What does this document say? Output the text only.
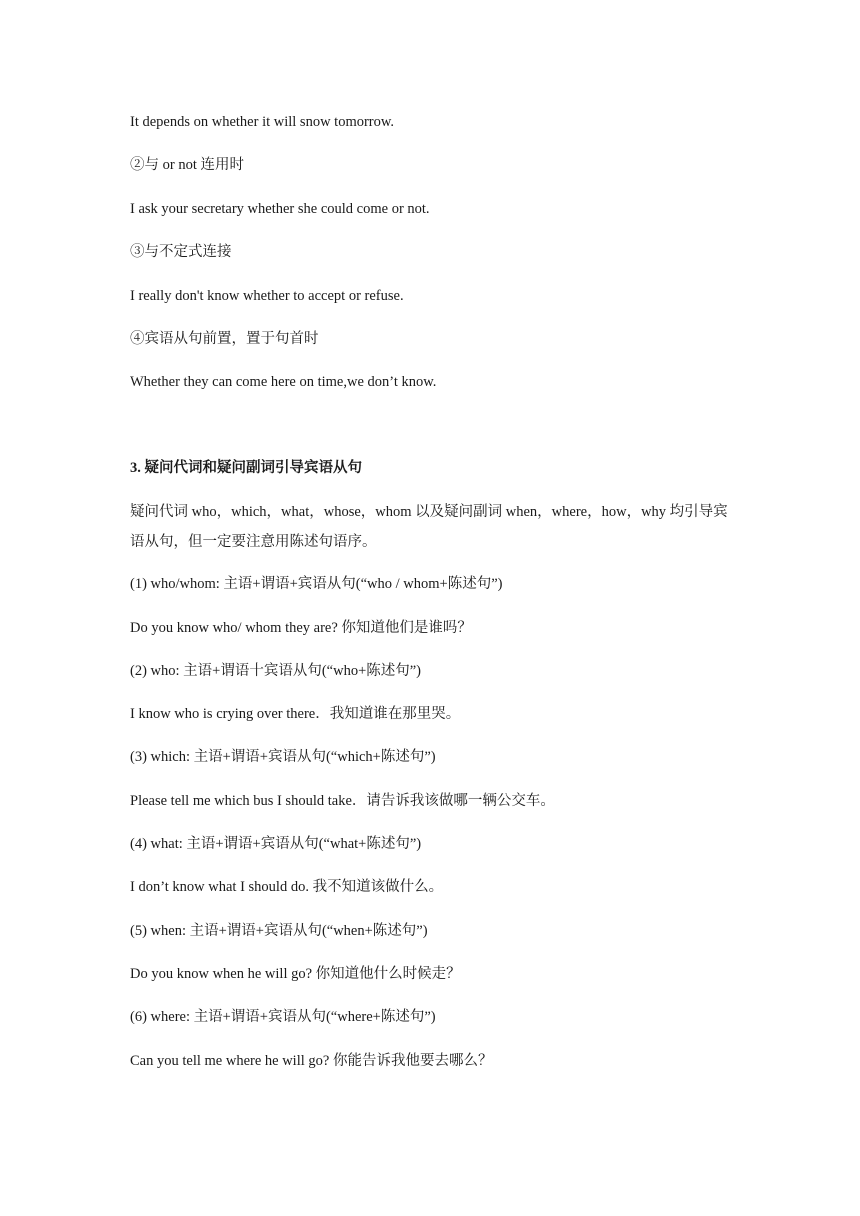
It depends on whether it will snow tomorrow.
②与 or not 连用时
I ask your secretary whether she could come or not.
③与不定式连接
I really don't know whether to accept or refuse.
④宾语从句前置，置于句首时
Whether they can come here on time,we don’t know.
3. 疑问代词和疑问副词引导宾语从句
疑问代词 who，which，what，whose，whom 以及疑问副词 when，where，how，why 均引导宾语从句，但一定要注意用陈述句语序。
(1) who/whom: 主语+谓语+宾语从句(“who / whom+陈述句”)
Do you know who/ whom they are? 你知道他们是谁吗？
(2) who: 主语+谓语十宾语从句(“who+陈述句”)
I know who is crying over there．我知道谁在那里哭。
(3) which: 主语+谓语+宾语从句(“which+陈述句”)
Please tell me which bus I should take．请告诉我该做哪一辆公交车。
(4) what: 主语+谓语+宾语从句(“what+陈述句”)
I don’t know what I should do. 我不知道该做什么。
(5) when: 主语+谓语+宾语从句(“when+陈述句”)
Do you know when he will go? 你知道他什么时候走？
(6) where: 主语+谓语+宾语从句(“where+陈述句”)
Can you tell me where he will go? 你能告诉我他要去哪么？
